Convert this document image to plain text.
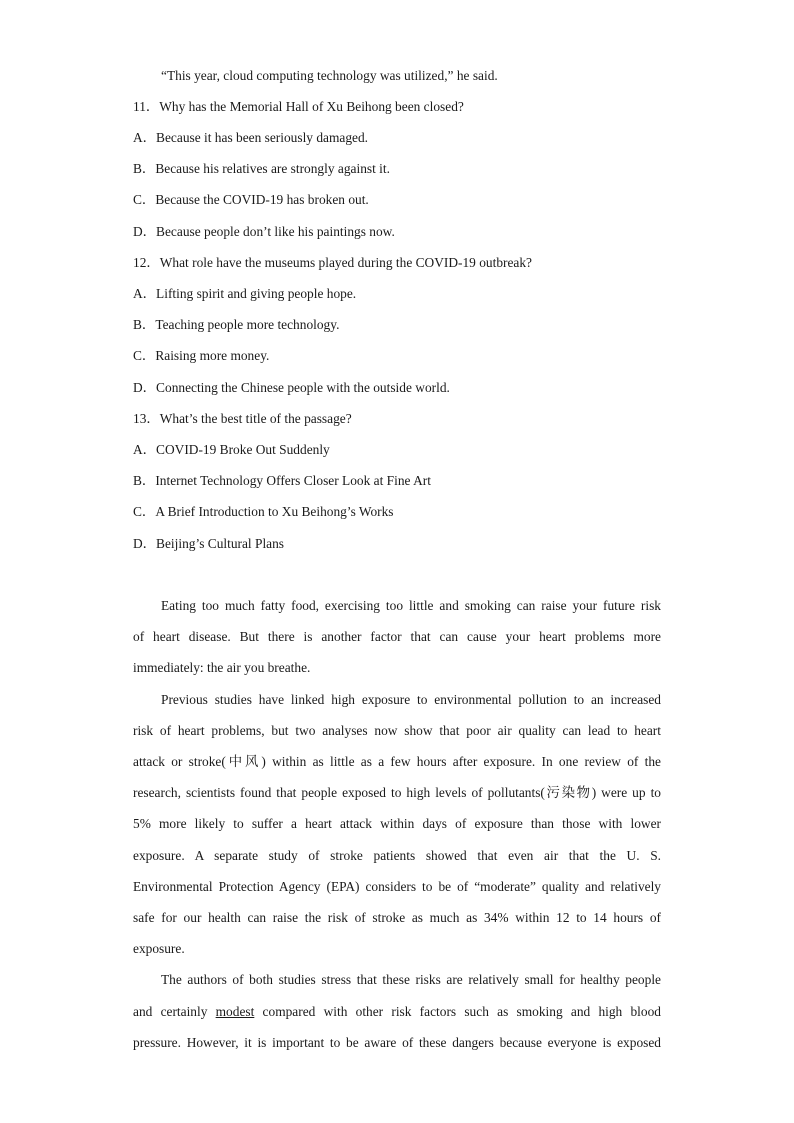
“This year, cloud computing technology was utilized,” he said.

11．Why has the Memorial Hall of Xu Beihong been closed?

A．Because it has been seriously damaged.

B．Because his relatives are strongly against it.

C．Because the COVID-19 has broken out.

D．Because people don’t like his paintings now.

12．What role have the museums played during the COVID-19 outbreak?

A．Lifting spirit and giving people hope.

B．Teaching people more technology.

C．Raising more money.

D．Connecting the Chinese people with the outside world.

13．What’s the best title of the passage?

A．COVID-19 Broke Out Suddenly

B．Internet Technology Offers Closer Look at Fine Art

C．A Brief Introduction to Xu Beihong’s Works

D．Beijing’s Cultural Plans

Eating too much fatty food, exercising too little and smoking can raise your future risk

of heart disease. But there is another factor that can cause your heart problems more

immediately: the air you breathe.

Previous studies have linked high exposure to environmental pollution to an increased

risk of heart problems, but two analyses now show that poor air quality can lead to heart

attack or stroke(中风) within as little as a few hours after exposure. In one review of the

research, scientists found that people exposed to high levels of pollutants(污染物) were up to

5% more likely to suffer a heart attack within days of exposure than those with lower

exposure. A separate study of stroke patients showed that even air that the U. S.

Environmental Protection Agency (EPA) considers to be of “moderate” quality and relatively

safe for our health can raise the risk of stroke as much as 34% within 12 to 14 hours of

exposure.

The authors of both studies stress that these risks are relatively small for healthy people

and certainly modest compared with other risk factors such as smoking and high blood

pressure. However, it is important to be aware of these dangers because everyone is exposed
